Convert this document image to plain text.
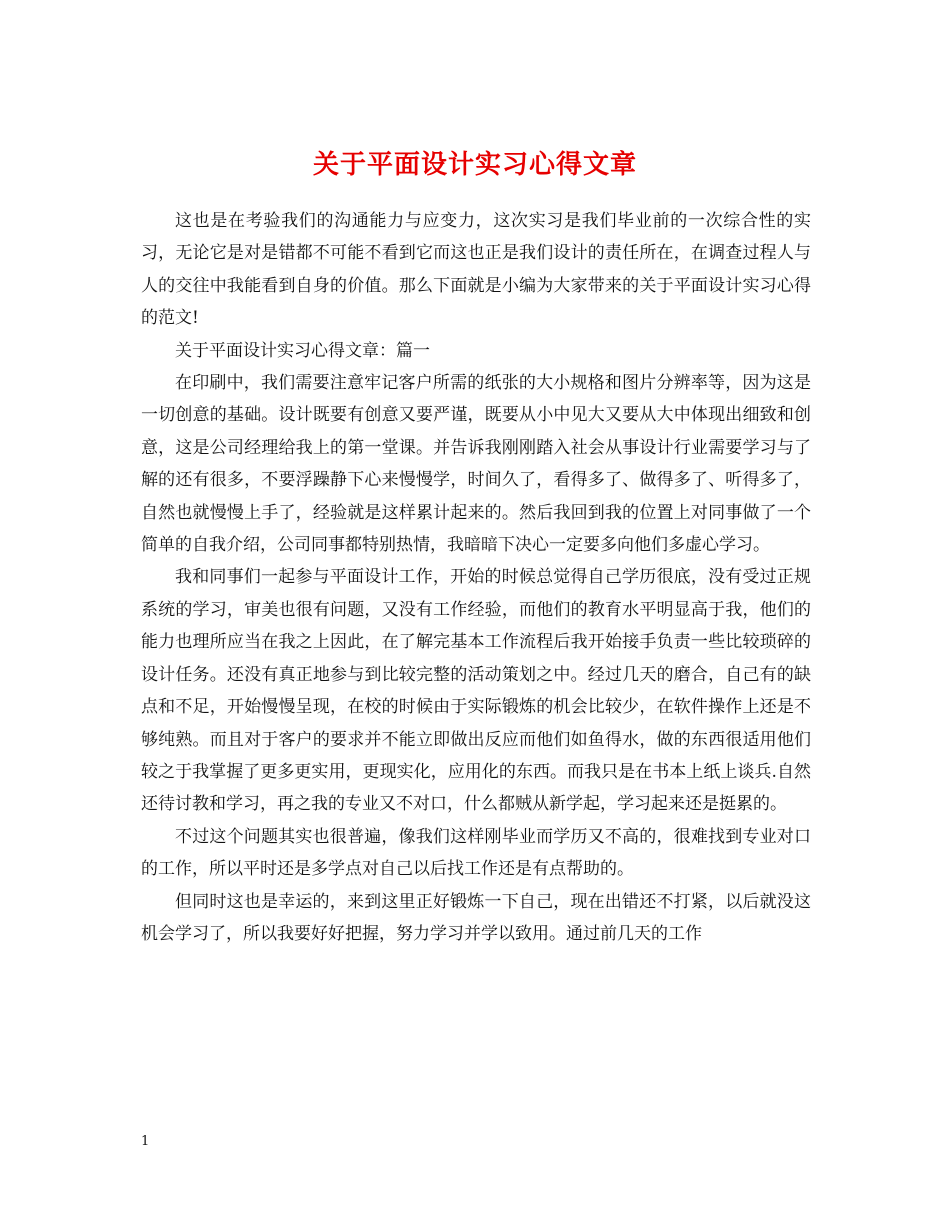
关于平面设计实习心得文章

这也是在考验我们的沟通能力与应变力，这次实习是我们毕业前的一次综合性的实习，无论它是对是错都不可能不看到它而这也正是我们设计的责任所在，在调查过程人与人的交往中我能看到自身的价值。那么下面就是小编为大家带来的关于平面设计实习心得的范文!

关于平面设计实习心得文章：篇一

在印刷中，我们需要注意牢记客户所需的纸张的大小规格和图片分辨率等，因为这是一切创意的基础。设计既要有创意又要严谨，既要从小中见大又要从大中体现出细致和创意，这是公司经理给我上的第一堂课。并告诉我刚刚踏入社会从事设计行业需要学习与了解的还有很多，不要浮躁静下心来慢慢学，时间久了，看得多了、做得多了、听得多了，自然也就慢慢上手了，经验就是这样累计起来的。然后我回到我的位置上对同事做了一个简单的自我介绍，公司同事都特别热情，我暗暗下决心一定要多向他们多虚心学习。

我和同事们一起参与平面设计工作，开始的时候总觉得自己学历很底，没有受过正规系统的学习，审美也很有问题，又没有工作经验，而他们的教育水平明显高于我，他们的能力也理所应当在我之上因此，在了解完基本工作流程后我开始接手负责一些比较琐碎的设计任务。还没有真正地参与到比较完整的活动策划之中。经过几天的磨合，自己有的缺点和不足，开始慢慢呈现，在校的时候由于实际锻炼的机会比较少，在软件操作上还是不够纯熟。而且对于客户的要求并不能立即做出反应而他们如鱼得水，做的东西很适用他们较之于我掌握了更多更实用，更现实化，应用化的东西。而我只是在书本上纸上谈兵.自然还待讨教和学习，再之我的专业又不对口，什么都贼从新学起，学习起来还是挺累的。

不过这个问题其实也很普遍，像我们这样刚毕业而学历又不高的，很难找到专业对口的工作，所以平时还是多学点对自己以后找工作还是有点帮助的。

但同时这也是幸运的，来到这里正好锻炼一下自己，现在出错还不打紧，以后就没这机会学习了，所以我要好好把握，努力学习并学以致用。通过前几天的工作

1
